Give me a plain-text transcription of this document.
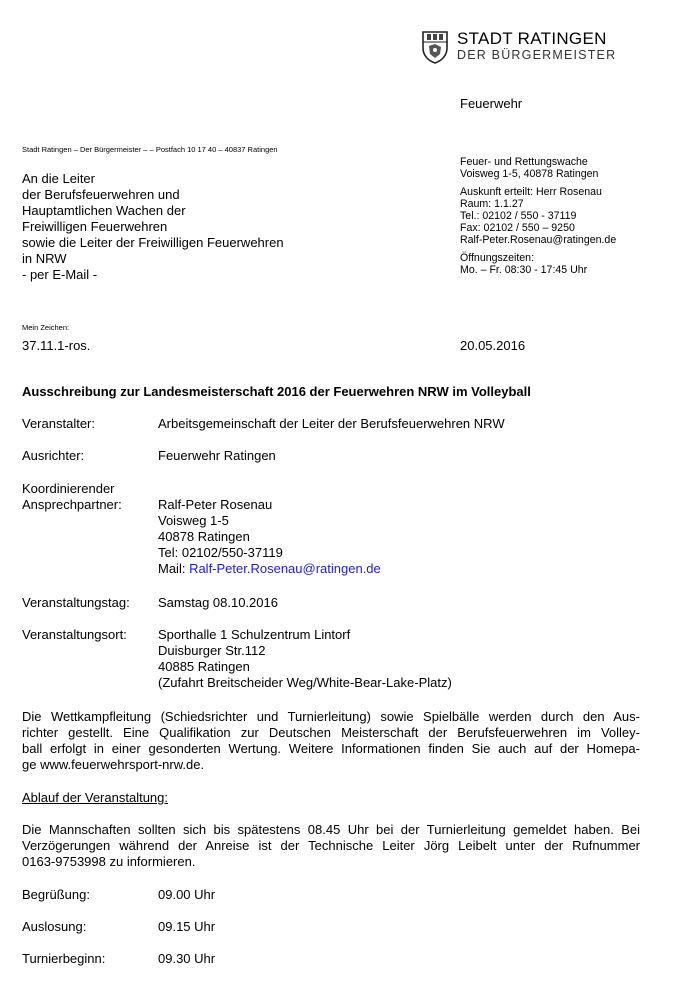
STADT RATINGEN
DER BÜRGERMEISTER
Feuerwehr
Stadt Ratingen – Der Bürgermeister – – Postfach 10 17 40 – 40837 Ratingen
An die Leiter
der Berufsfeuerwehren und
Hauptamtlichen Wachen der
Freiwilligen Feuerwehren
sowie die Leiter der Freiwilligen Feuerwehren
in NRW
- per E-Mail -
Feuer- und Rettungswache
Voisweg 1-5, 40878 Ratingen
Auskunft erteilt: Herr Rosenau
Raum: 1.1.27
Tel.: 02102 / 550 - 37119
Fax: 02102 / 550 – 9250
Ralf-Peter.Rosenau@ratingen.de
Öffnungszeiten:
Mo. – Fr. 08:30 - 17:45 Uhr
Mein Zeichen:
37.11.1-ros.	20.05.2016
Ausschreibung zur Landesmeisterschaft 2016 der Feuerwehren NRW im Volleyball
Veranstalter:	Arbeitsgemeinschaft der Leiter der Berufsfeuerwehren NRW
Ausrichter:	Feuerwehr Ratingen
Koordinierender
Ansprechpartner:	Ralf-Peter Rosenau
Voisweg 1-5
40878 Ratingen
Tel: 02102/550-37119
Mail: Ralf-Peter.Rosenau@ratingen.de
Veranstaltungstag: Samstag 08.10.2016
Veranstaltungsort: Sporthalle 1 Schulzentrum Lintorf
Duisburger Str.112
40885 Ratingen
(Zufahrt Breitscheider Weg/White-Bear-Lake-Platz)
Die Wettkampfleitung (Schiedsrichter und Turnierleitung) sowie Spielbälle werden durch den Aus-
richter gestellt. Eine Qualifikation zur Deutschen Meisterschaft der Berufsfeuerwehren im Volley-
ball erfolgt in einer gesonderten Wertung. Weitere Informationen finden Sie auch auf der Homepa-
ge www.feuerwehrsport-nrw.de.
Ablauf der Veranstaltung:
Die Mannschaften sollten sich bis spätestens 08.45 Uhr bei der Turnierleitung gemeldet haben. Bei
Verzögerungen während der Anreise ist der Technische Leiter Jörg Leibelt unter der Rufnummer
0163-9753998 zu informieren.
Begrüßung:	09.00 Uhr
Auslosung:	09.15 Uhr
Turnierbeginn:	09.30 Uhr
